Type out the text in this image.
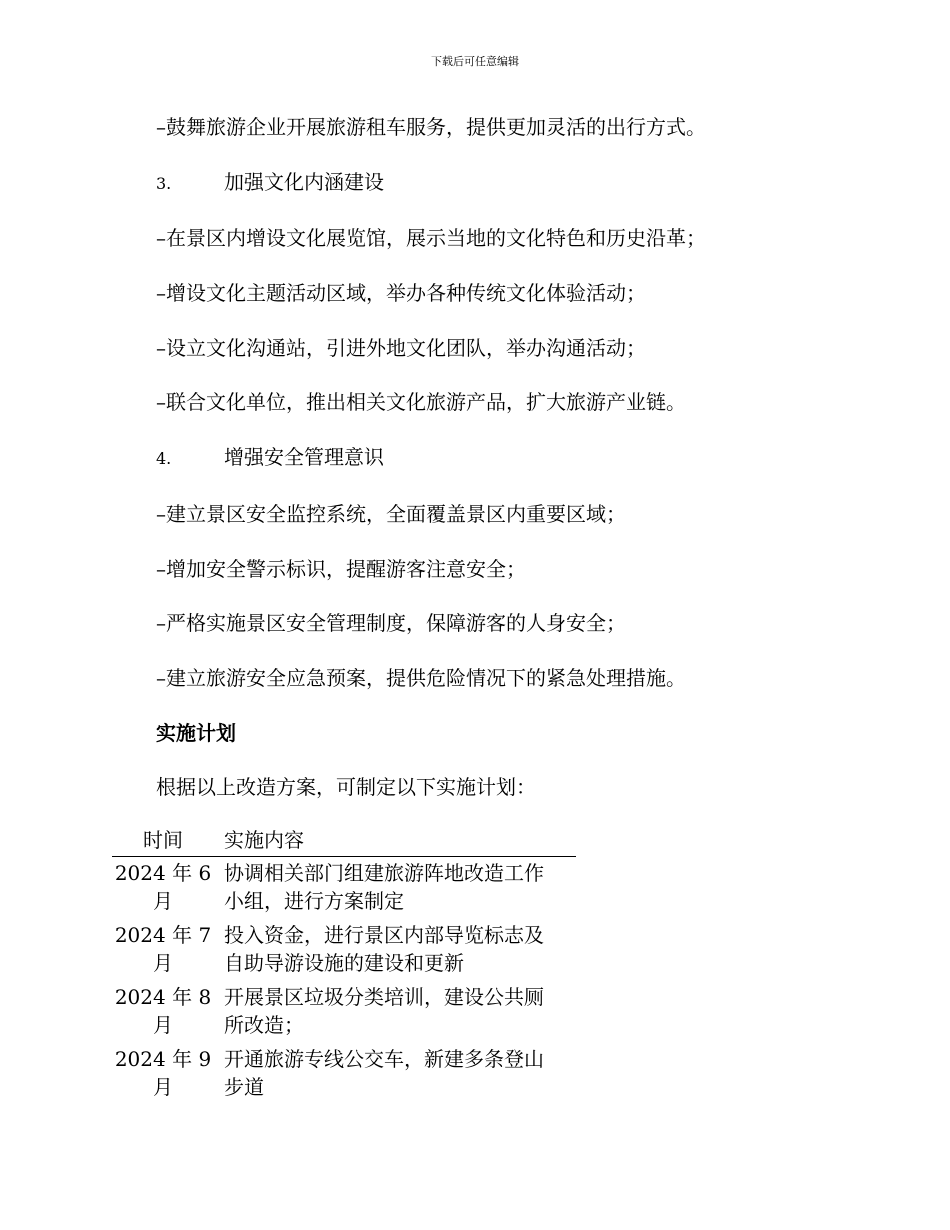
下载后可任意编辑

–鼓舞旅游企业开展旅游租车服务，提供更加灵活的出行方式。

3.	加强文化内涵建设

–在景区内增设文化展览馆，展示当地的文化特色和历史沿革；

–增设文化主题活动区域，举办各种传统文化体验活动；

–设立文化沟通站，引进外地文化团队，举办沟通活动；

–联合文化单位，推出相关文化旅游产品，扩大旅游产业链。

4.	增强安全管理意识

–建立景区安全监控系统，全面覆盖景区内重要区域；

–增加安全警示标识，提醒游客注意安全；

–严格实施景区安全管理制度，保障游客的人身安全；

–建立旅游安全应急预案，提供危险情况下的紧急处理措施。

实施计划

根据以上改造方案，可制定以下实施计划：

时间	实施内容
2024 年 6 月	协调相关部门组建旅游阵地改造工作小组，进行方案制定
2024 年 7 月	投入资金，进行景区内部导览标志及自助导游设施的建设和更新
2024 年 8 月	开展景区垃圾分类培训，建设公共厕所改造；
2024 年 9 月	开通旅游专线公交车，新建多条登山步道
